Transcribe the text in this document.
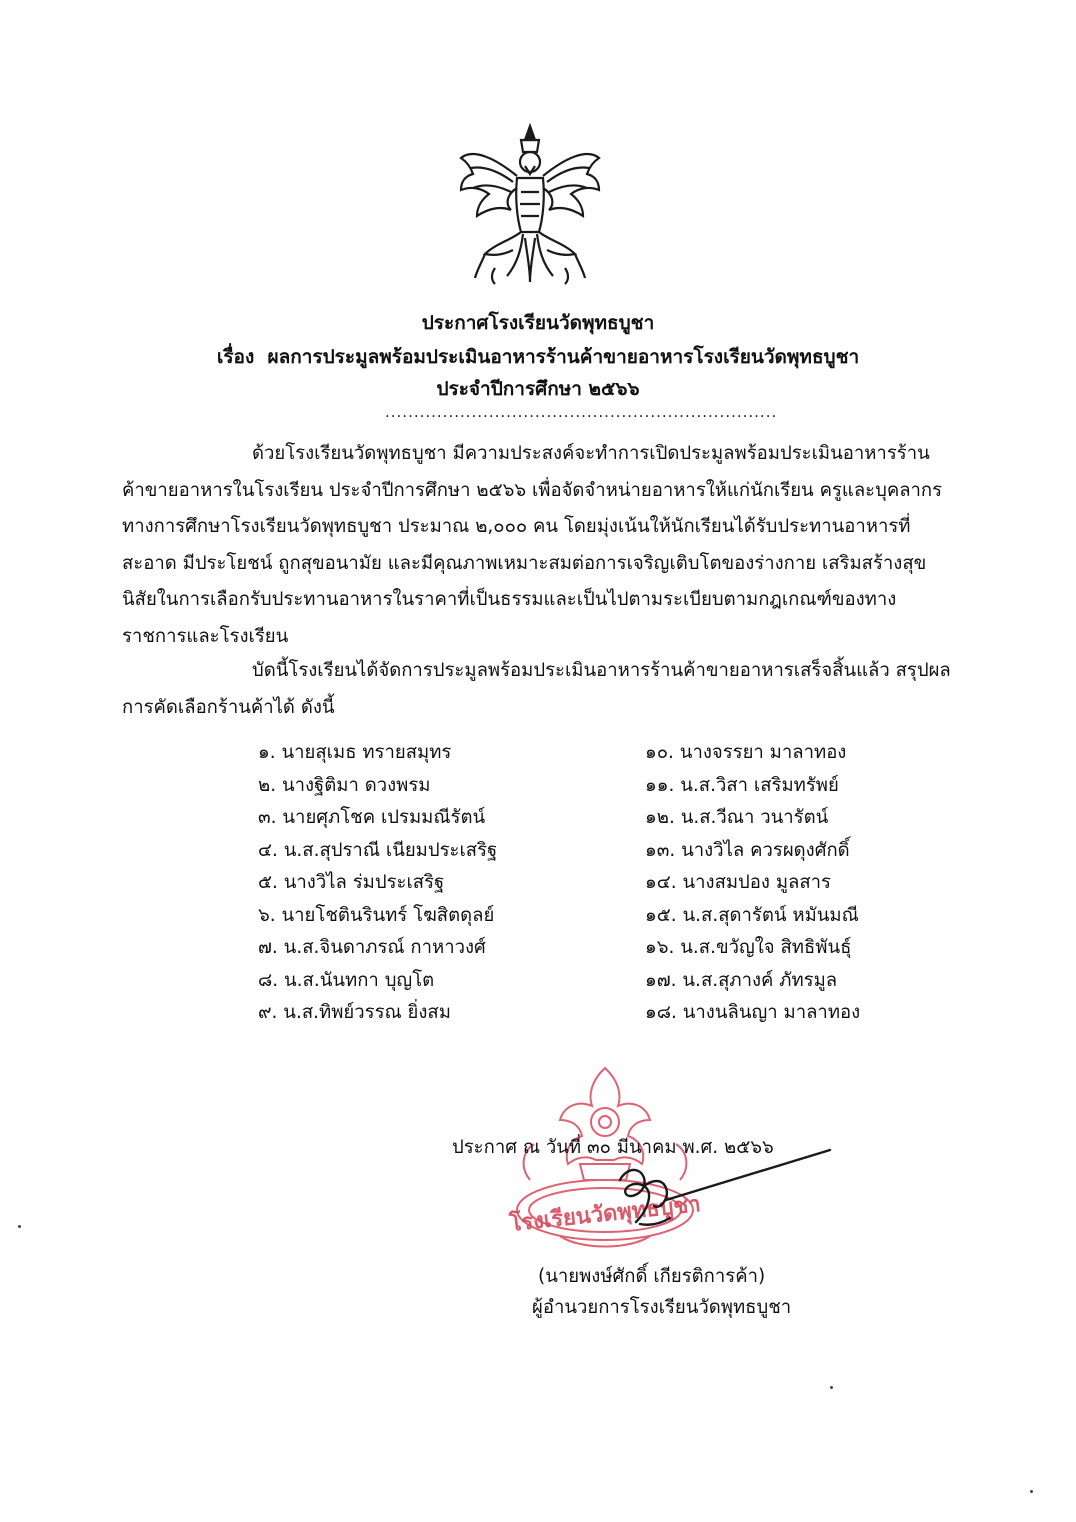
ประกาศโรงเรียนวัดพุทธบูชา
เรื่อง ผลการประมูลพร้อมประเมินอาหารร้านค้าขายอาหารโรงเรียนวัดพุทธบูชา
ประจำปีการศึกษา ๒๕๖๖
....................................................................
ด้วยโรงเรียนวัดพุทธบูชา มีความประสงค์จะทำการเปิดประมูลพร้อมประเมินอาหารร้านค้าขายอาหารในโรงเรียน ประจำปีการศึกษา ๒๕๖๖ เพื่อจัดจำหน่ายอาหารให้แก่นักเรียน ครูและบุคลากรทางการศึกษาโรงเรียนวัดพุทธบูชา ประมาณ ๒,๐๐๐ คน โดยมุ่งเน้นให้นักเรียนได้รับประทานอาหารที่สะอาด มีประโยชน์ ถูกสุขอนามัย และมีคุณภาพเหมาะสมต่อการเจริญเติบโตของร่างกาย เสริมสร้างสุขนิสัยในการเลือกรับประทานอาหารในราคาที่เป็นธรรมและเป็นไปตามระเบียบตามกฎเกณฑ์ของทางราชการและโรงเรียน
บัดนี้โรงเรียนได้จัดการประมูลพร้อมประเมินอาหารร้านค้าขายอาหารเสร็จสิ้นแล้ว สรุปผลการคัดเลือกร้านค้าได้ ดังนี้
๑. นายสุเมธ ทรายสมุทร
๒. นางฐิติมา ดวงพรม
๓. นายศุภโชค เปรมมณีรัตน์
๔. น.ส.สุปราณี เนียมประเสริฐ
๕. นางวิไล ร่มประเสริฐ
๖. นายโชตินรินทร์ โฆสิตดุลย์
๗. น.ส.จินดาภรณ์ กาหาวงศ์
๘. น.ส.นันทกา บุญโต
๙. น.ส.ทิพย์วรรณ ยิ่งสม
๑๐. นางจรรยา มาลาทอง
๑๑. น.ส.วิสา เสริมทรัพย์
๑๒. น.ส.วีณา วนารัตน์
๑๓. นางวิไล ควรผดุงศักดิ์
๑๔. นางสมปอง มูลสาร
๑๕. น.ส.สุดารัตน์ หมันมณี
๑๖. น.ส.ขวัญใจ สิทธิพันธุ์
๑๗. น.ส.สุภางค์ ภัทรมูล
๑๘. นางนลินญา มาลาทอง
โรงเรียนวัดพุทธบูชา
ประกาศ ณ วันที่ ๓๐ มีนาคม พ.ศ. ๒๕๖๖
(นายพงษ์ศักดิ์ เกียรติการค้า)
ผู้อำนวยการโรงเรียนวัดพุทธบูชา
